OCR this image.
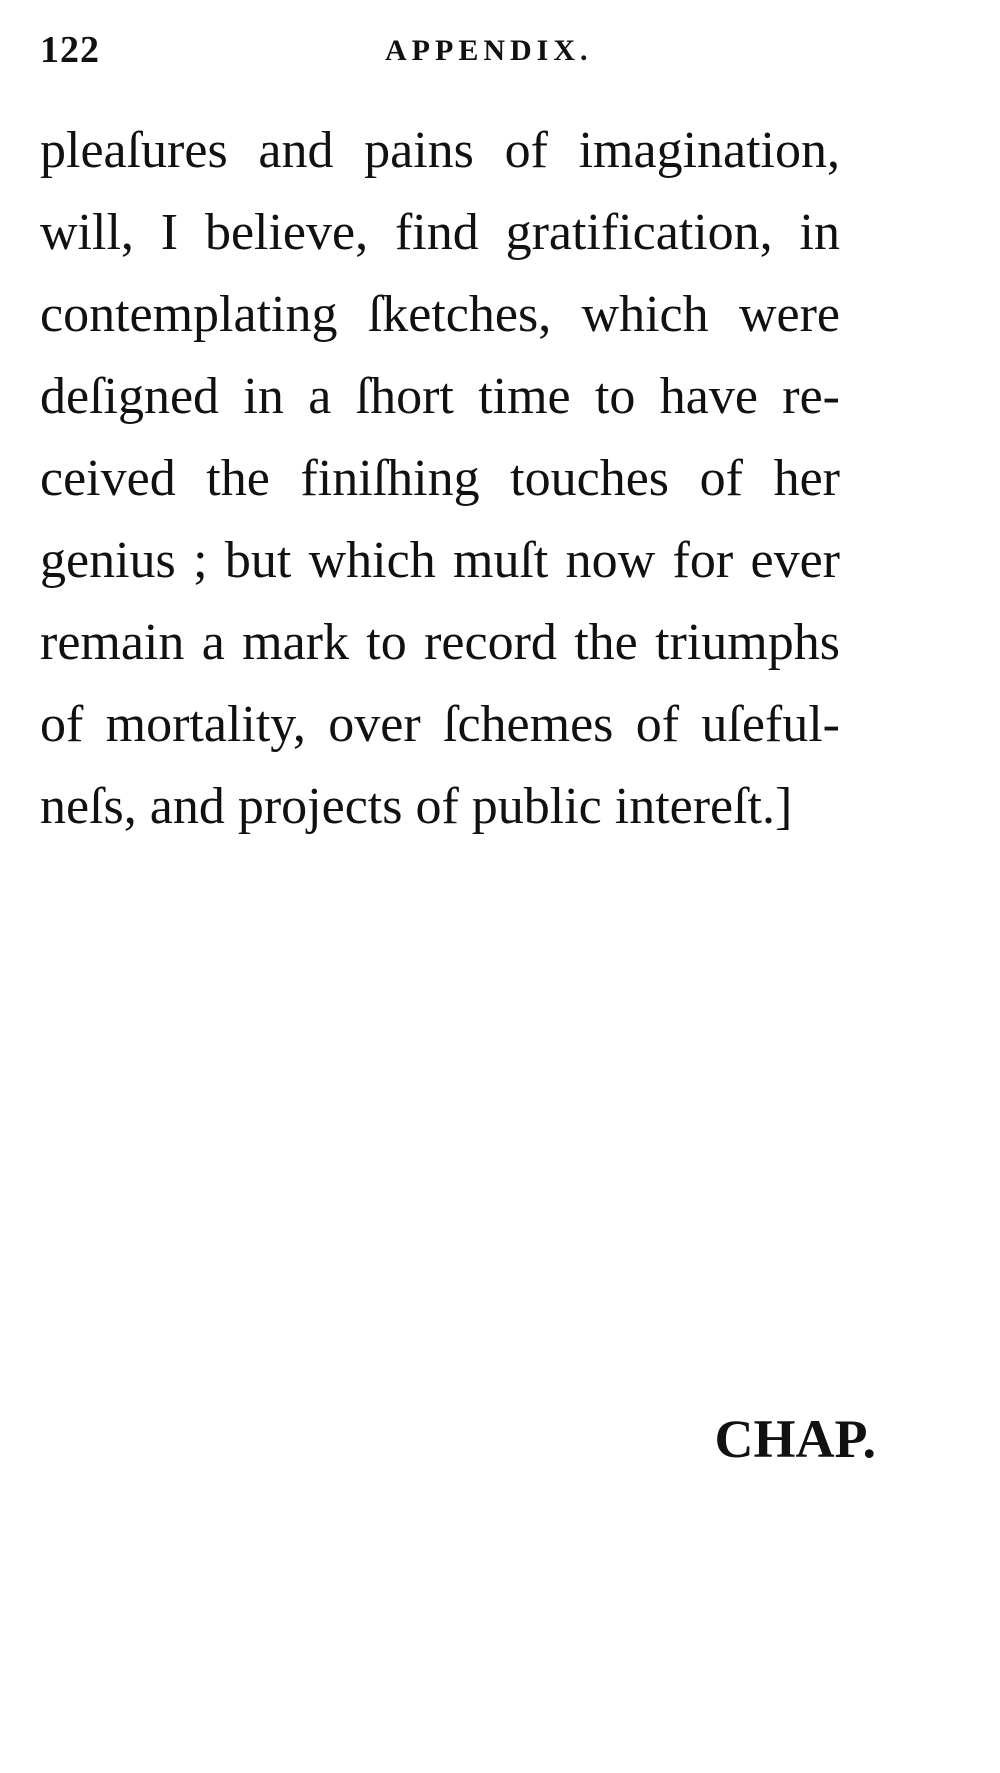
122	APPENDIX.
pleaſures and pains of imagination,
will, I believe, find gratification, in
contemplating ſketches, which were
deſigned in a ſhort time to have re-
ceived the finiſhing touches of her
genius ; but which muſt now for ever
remain a mark to record the triumphs
of mortality, over ſchemes of uſeful-
neſs, and projects of public intereſt.]
CHAP.
